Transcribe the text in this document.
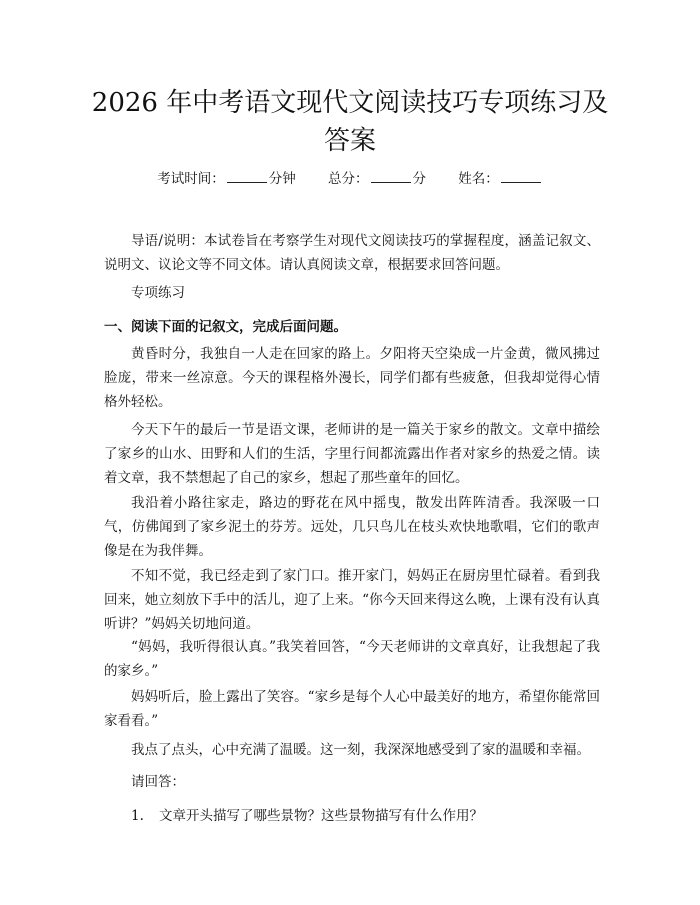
2026 年中考语文现代文阅读技巧专项练习及答案
考试时间：	分钟 总分：	分 姓名：

导语/说明：本试卷旨在考察学生对现代文阅读技巧的掌握程度，涵盖记叙文、说明文、议论文等不同文体。请认真阅读文章，根据要求回答问题。

专项练习

一、阅读下面的记叙文，完成后面问题。

黄昏时分，我独自一人走在回家的路上。夕阳将天空染成一片金黄，微风拂过脸庞，带来一丝凉意。今天的课程格外漫长，同学们都有些疲惫，但我却觉得心情格外轻松。

今天下午的最后一节是语文课，老师讲的是一篇关于家乡的散文。文章中描绘了家乡的山水、田野和人们的生活，字里行间都流露出作者对家乡的热爱之情。读着文章，我不禁想起了自己的家乡，想起了那些童年的回忆。

我沿着小路往家走，路边的野花在风中摇曳，散发出阵阵清香。我深吸一口气，仿佛闻到了家乡泥土的芬芳。远处，几只鸟儿在枝头欢快地歌唱，它们的歌声像是在为我伴舞。

不知不觉，我已经走到了家门口。推开家门，妈妈正在厨房里忙碌着。看到我回来，她立刻放下手中的活儿，迎了上来。“你今天回来得这么晚，上课有没有认真听讲？”妈妈关切地问道。

“妈妈，我听得很认真。”我笑着回答，“今天老师讲的文章真好，让我想起了我的家乡。”

妈妈听后，脸上露出了笑容。“家乡是每个人心中最美好的地方，希望你能常回家看看。”

我点了点头，心中充满了温暖。这一刻，我深深地感受到了家的温暖和幸福。

请回答：

1. 文章开头描写了哪些景物？这些景物描写有什么作用？
